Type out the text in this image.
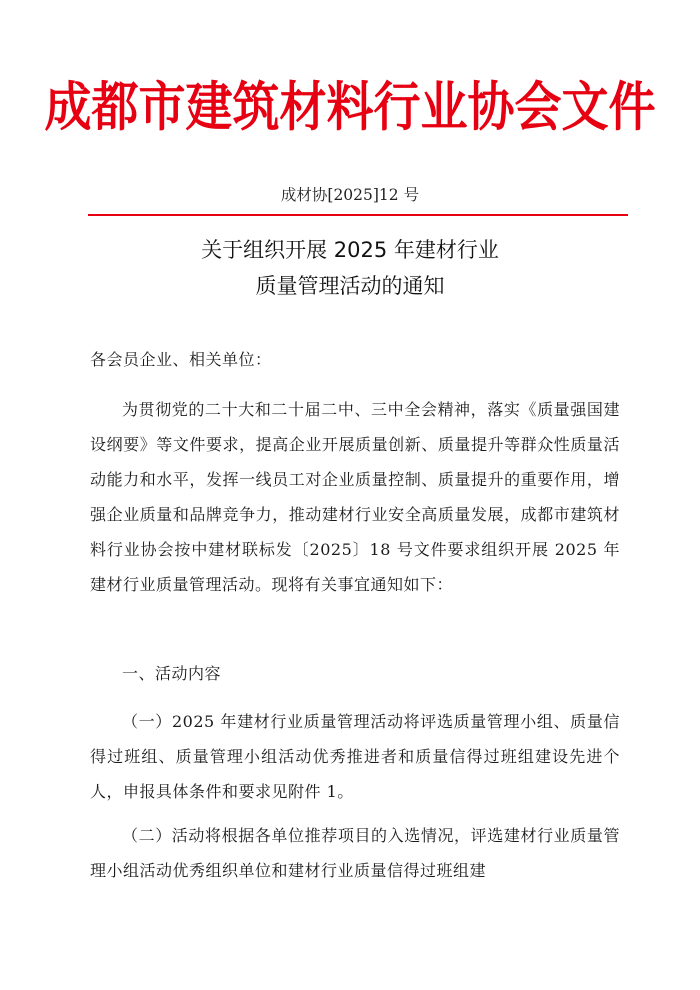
成都市建筑材料行业协会文件
成材协[2025]12 号
关于组织开展 2025 年建材行业
质量管理活动的通知

各会员企业、相关单位：

为贯彻党的二十大和二十届二中、三中全会精神，落实《质量强国建设纲要》等文件要求，提高企业开展质量创新、质量提升等群众性质量活动能力和水平，发挥一线员工对企业质量控制、质量提升的重要作用，增强企业质量和品牌竞争力，推动建材行业安全高质量发展，成都市建筑材料行业协会按中建材联标发〔2025〕18 号文件要求组织开展 2025 年建材行业质量管理活动。现将有关事宜通知如下：

一、活动内容

（一）2025 年建材行业质量管理活动将评选质量管理小组、质量信得过班组、质量管理小组活动优秀推进者和质量信得过班组建设先进个人，申报具体条件和要求见附件 1。

（二）活动将根据各单位推荐项目的入选情况，评选建材行业质量管理小组活动优秀组织单位和建材行业质量信得过班组建
